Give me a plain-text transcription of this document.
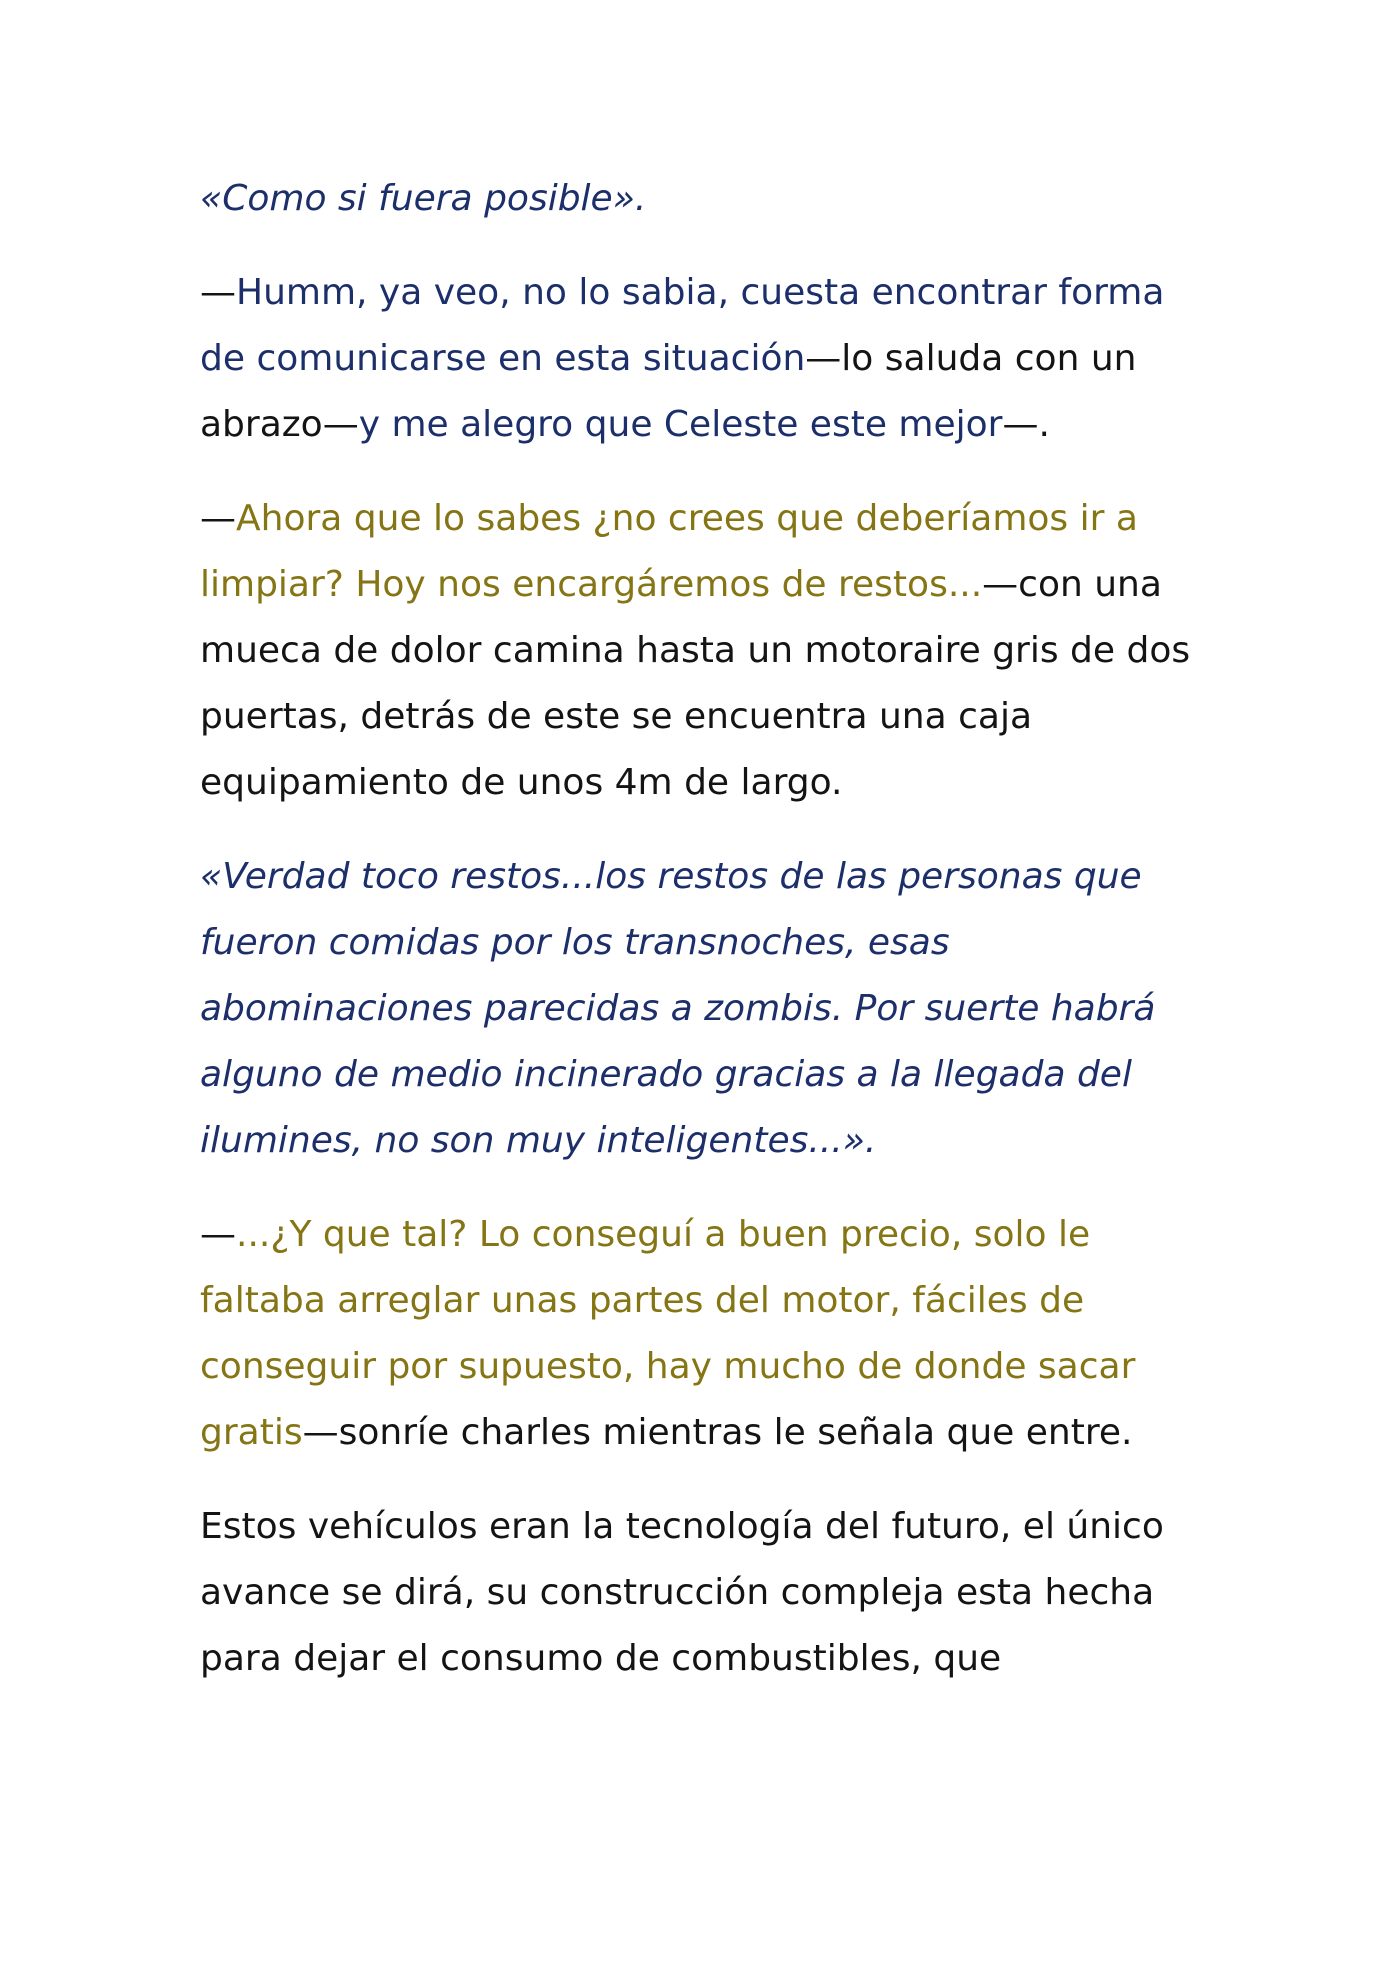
«Como si fuera posible».

—Humm, ya veo, no lo sabia, cuesta encontrar forma de comunicarse en esta situación—lo saluda con un abrazo—y me alegro que Celeste este mejor—.

—Ahora que lo sabes ¿no crees que deberíamos ir a limpiar? Hoy nos encargáremos de restos...—con una mueca de dolor camina hasta un motoraire gris de dos puertas, detrás de este se encuentra una caja equipamiento de unos 4m de largo.

«Verdad toco restos...los restos de las personas que fueron comidas por los transnoches, esas abominaciones parecidas a zombis. Por suerte habrá alguno de medio incinerado gracias a la llegada del ilumines, no son muy inteligentes...».

—...¿Y que tal? Lo conseguí a buen precio, solo le faltaba arreglar unas partes del motor, fáciles de conseguir por supuesto, hay mucho de donde sacar gratis—sonríe charles mientras le señala que entre.

Estos vehículos eran la tecnología del futuro, el único avance se dirá, su construcción compleja esta hecha para dejar el consumo de combustibles, que
